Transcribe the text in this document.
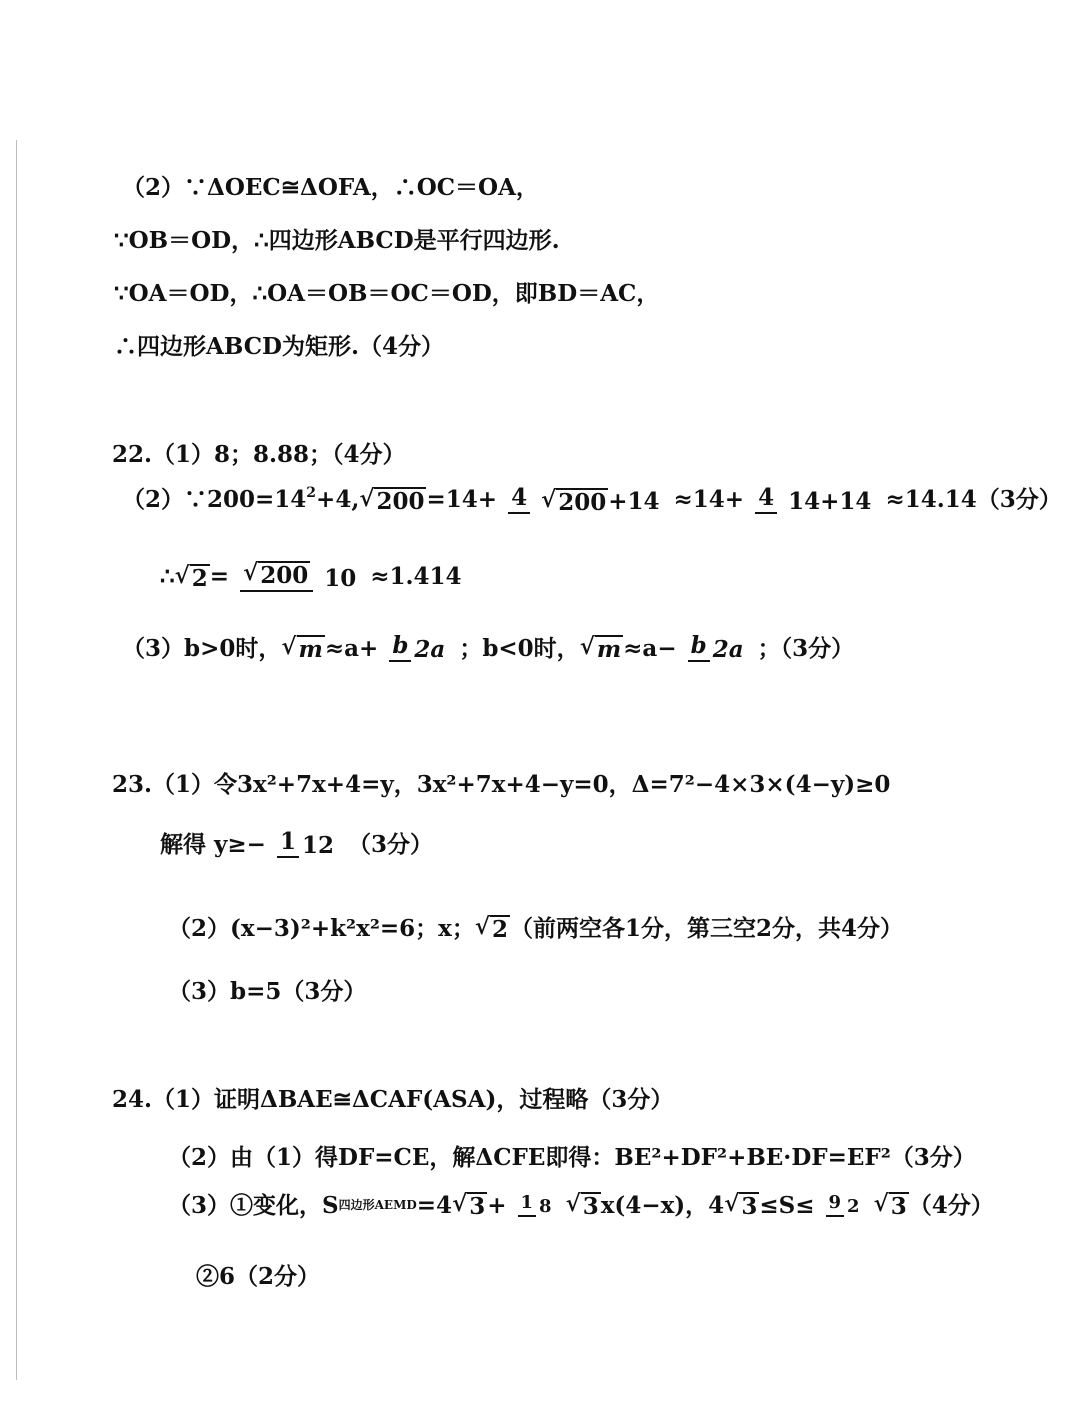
（2）∵ΔOEC≅ΔOFA，∴OC＝OA，
∵OB＝OD，∴四边形ABCD是平行四边形.
∵OA＝OD，∴OA＝OB＝OC＝OD，即BD＝AC，
∴四边形ABCD为矩形.（4分）
22.（1）8；8.88；（4分）
$(2)\because 200=14^2+4,√200=14+ 4$ √200+14 ≈14+ 4 14+14 ≈14.14（3分）
∴√2= √200 10 ≈1.414
（3）b>0时，√m≈a+ b 2a ；b<0时，√m≈a− b 2a ；（3分）
23.（1）令3x²+7x+4=y，3x²+7x+4−y=0，Δ=7²−4×3×(4−y)≥0
解得 y≥− 1 12 （3分）
（2）(x−3)²+k²x²=6；x；√2（前两空各1分，第三空2分，共4分）
（3）b=5（3分）
24.（1）证明ΔBAE≅ΔCAF(ASA)，过程略（3分）
（2）由（1）得DF=CE，解ΔCFE即得：BE²+DF²+BE·DF=EF²（3分）
（3）①变化，S四边形AEMD=4√3+ 1 8 √3x(4−x)，4√3≤S≤ 9 2 √3（4分）
②6（2分）
